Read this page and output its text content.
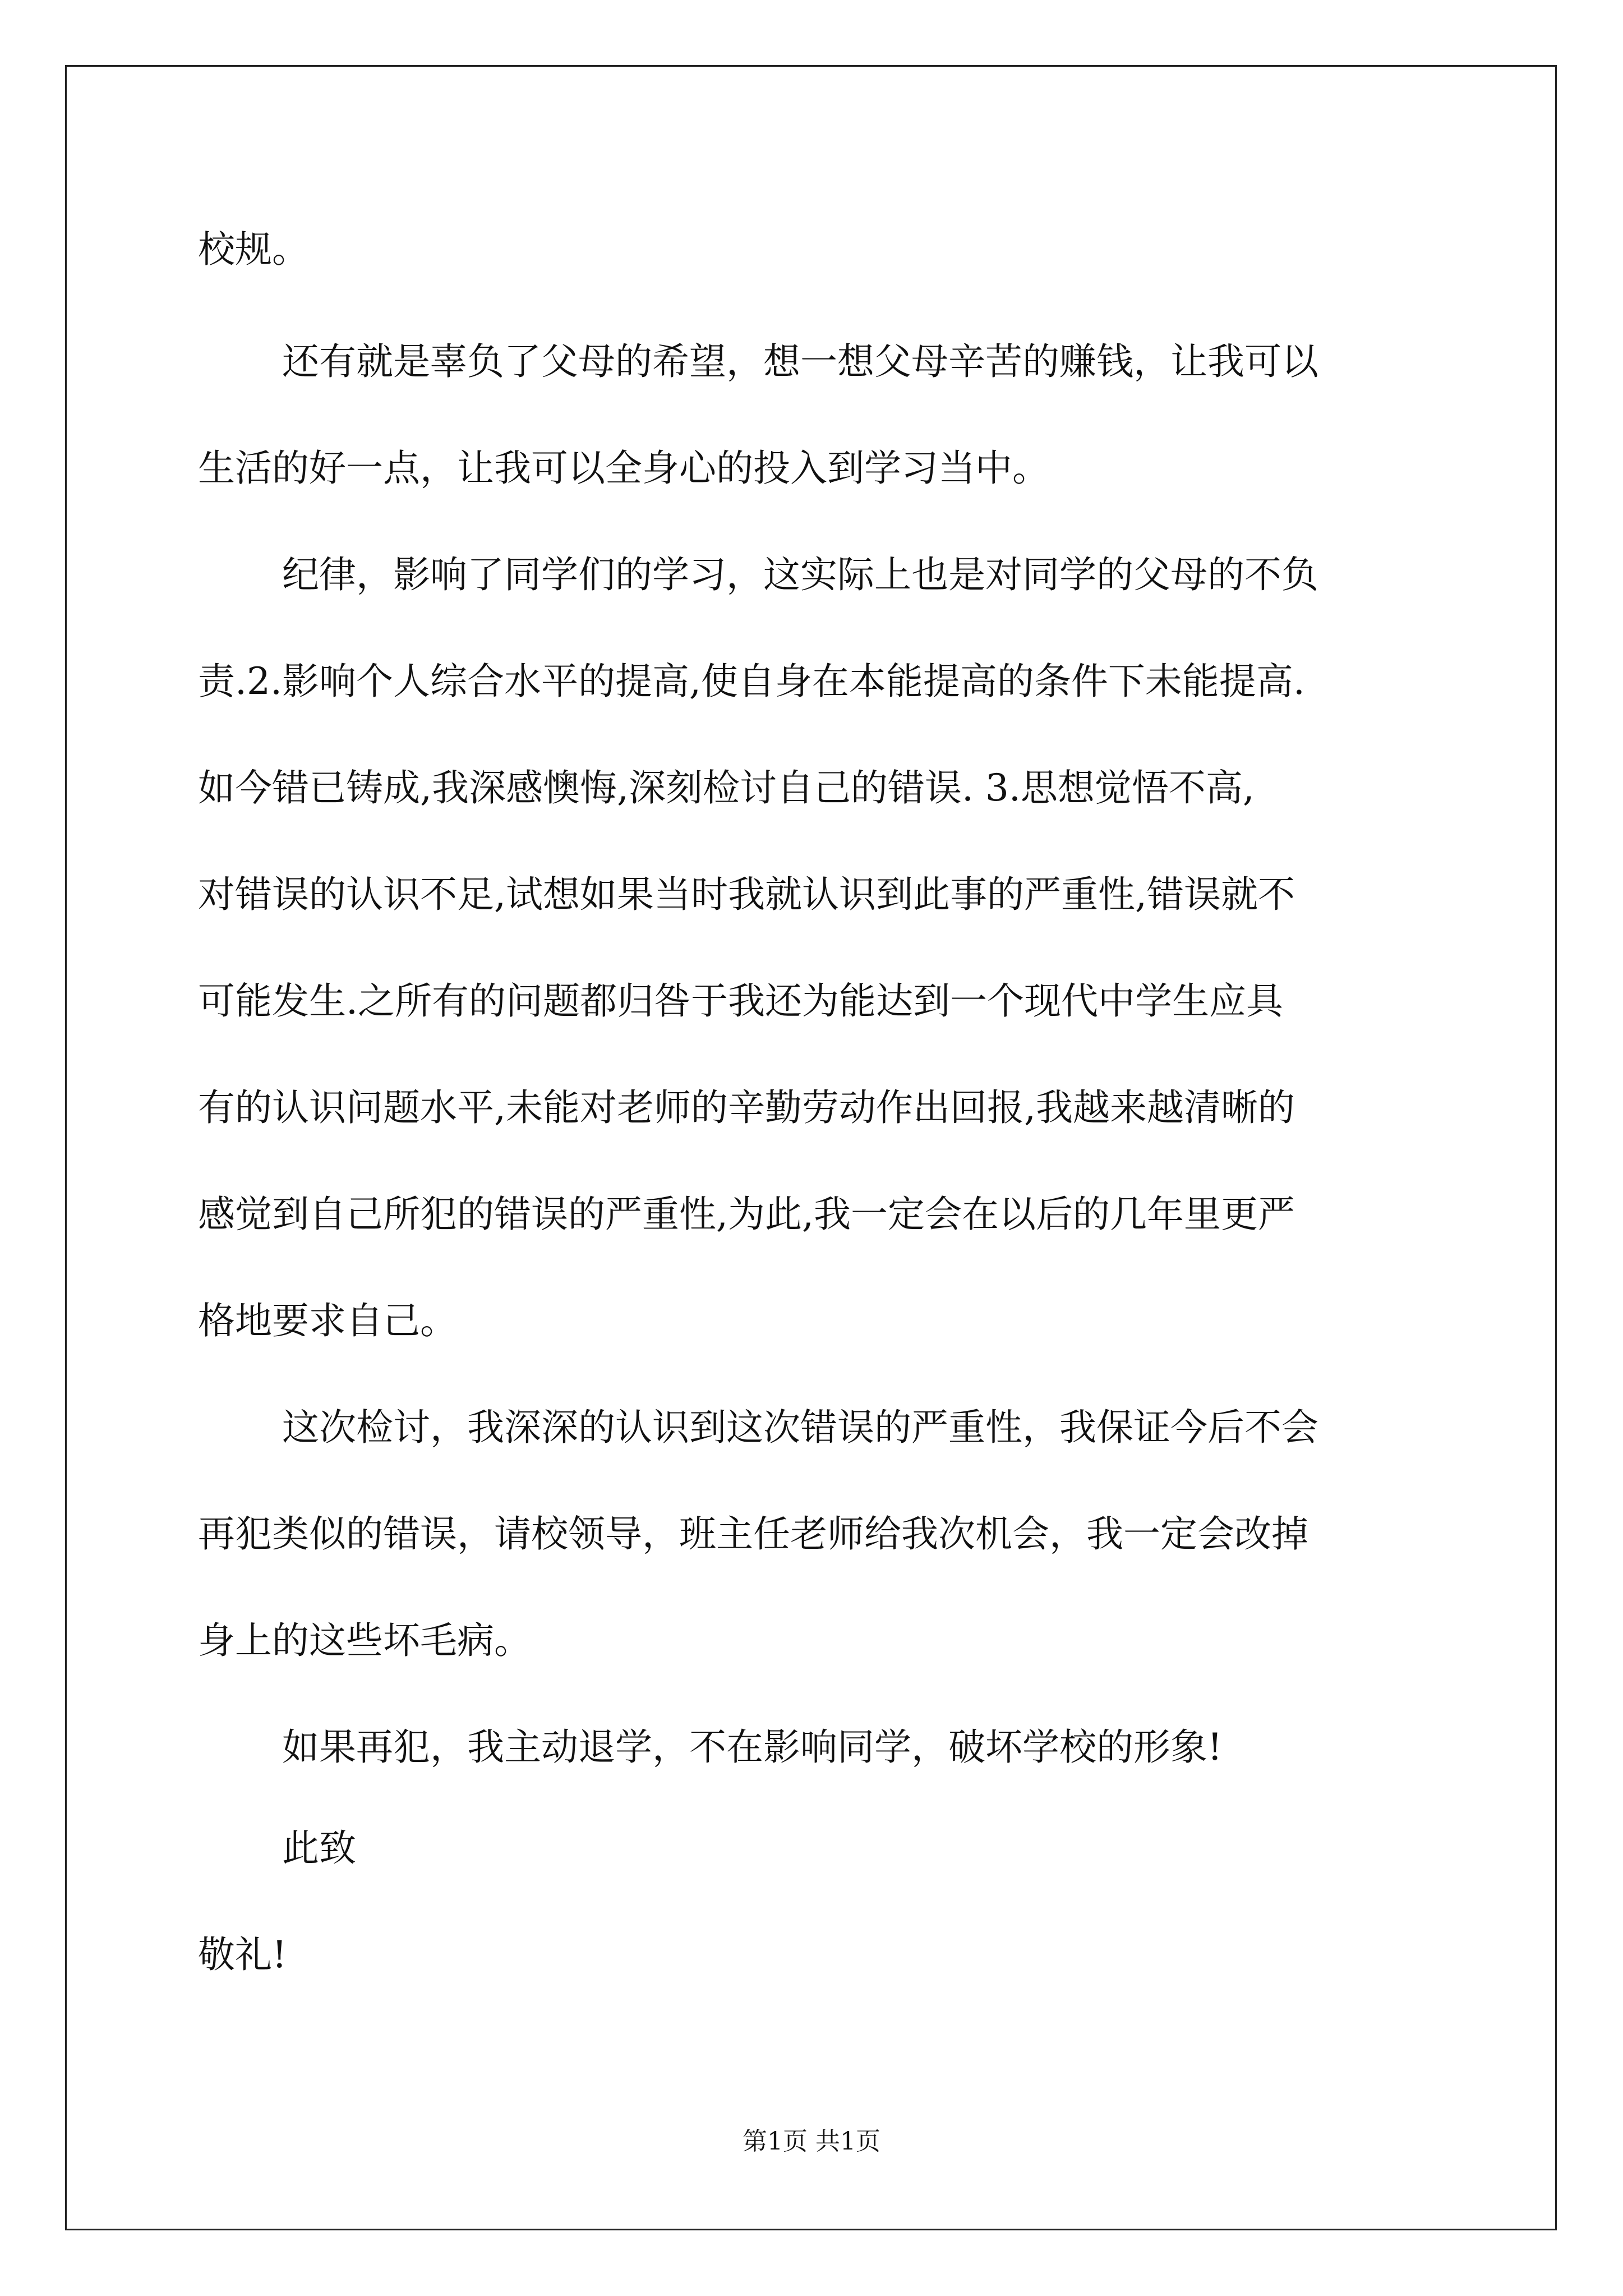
校规。
还有就是辜负了父母的希望，想一想父母辛苦的赚钱，让我可以
生活的好一点，让我可以全身心的投入到学习当中。
纪律，影响了同学们的学习，这实际上也是对同学的父母的不负
责.2.影响个人综合水平的提高,使自身在本能提高的条件下未能提高.
如今错已铸成,我深感懊悔,深刻检讨自己的错误. 3.思想觉悟不高,
对错误的认识不足,试想如果当时我就认识到此事的严重性,错误就不
可能发生.之所有的问题都归咎于我还为能达到一个现代中学生应具
有的认识问题水平,未能对老师的辛勤劳动作出回报,我越来越清晰的
感觉到自己所犯的错误的严重性,为此,我一定会在以后的几年里更严
格地要求自己。
这次检讨，我深深的认识到这次错误的严重性，我保证今后不会
再犯类似的错误，请校领导，班主任老师给我次机会，我一定会改掉
身上的这些坏毛病。
如果再犯，我主动退学，不在影响同学，破坏学校的形象!
此致
敬礼!
第1页 共1页
